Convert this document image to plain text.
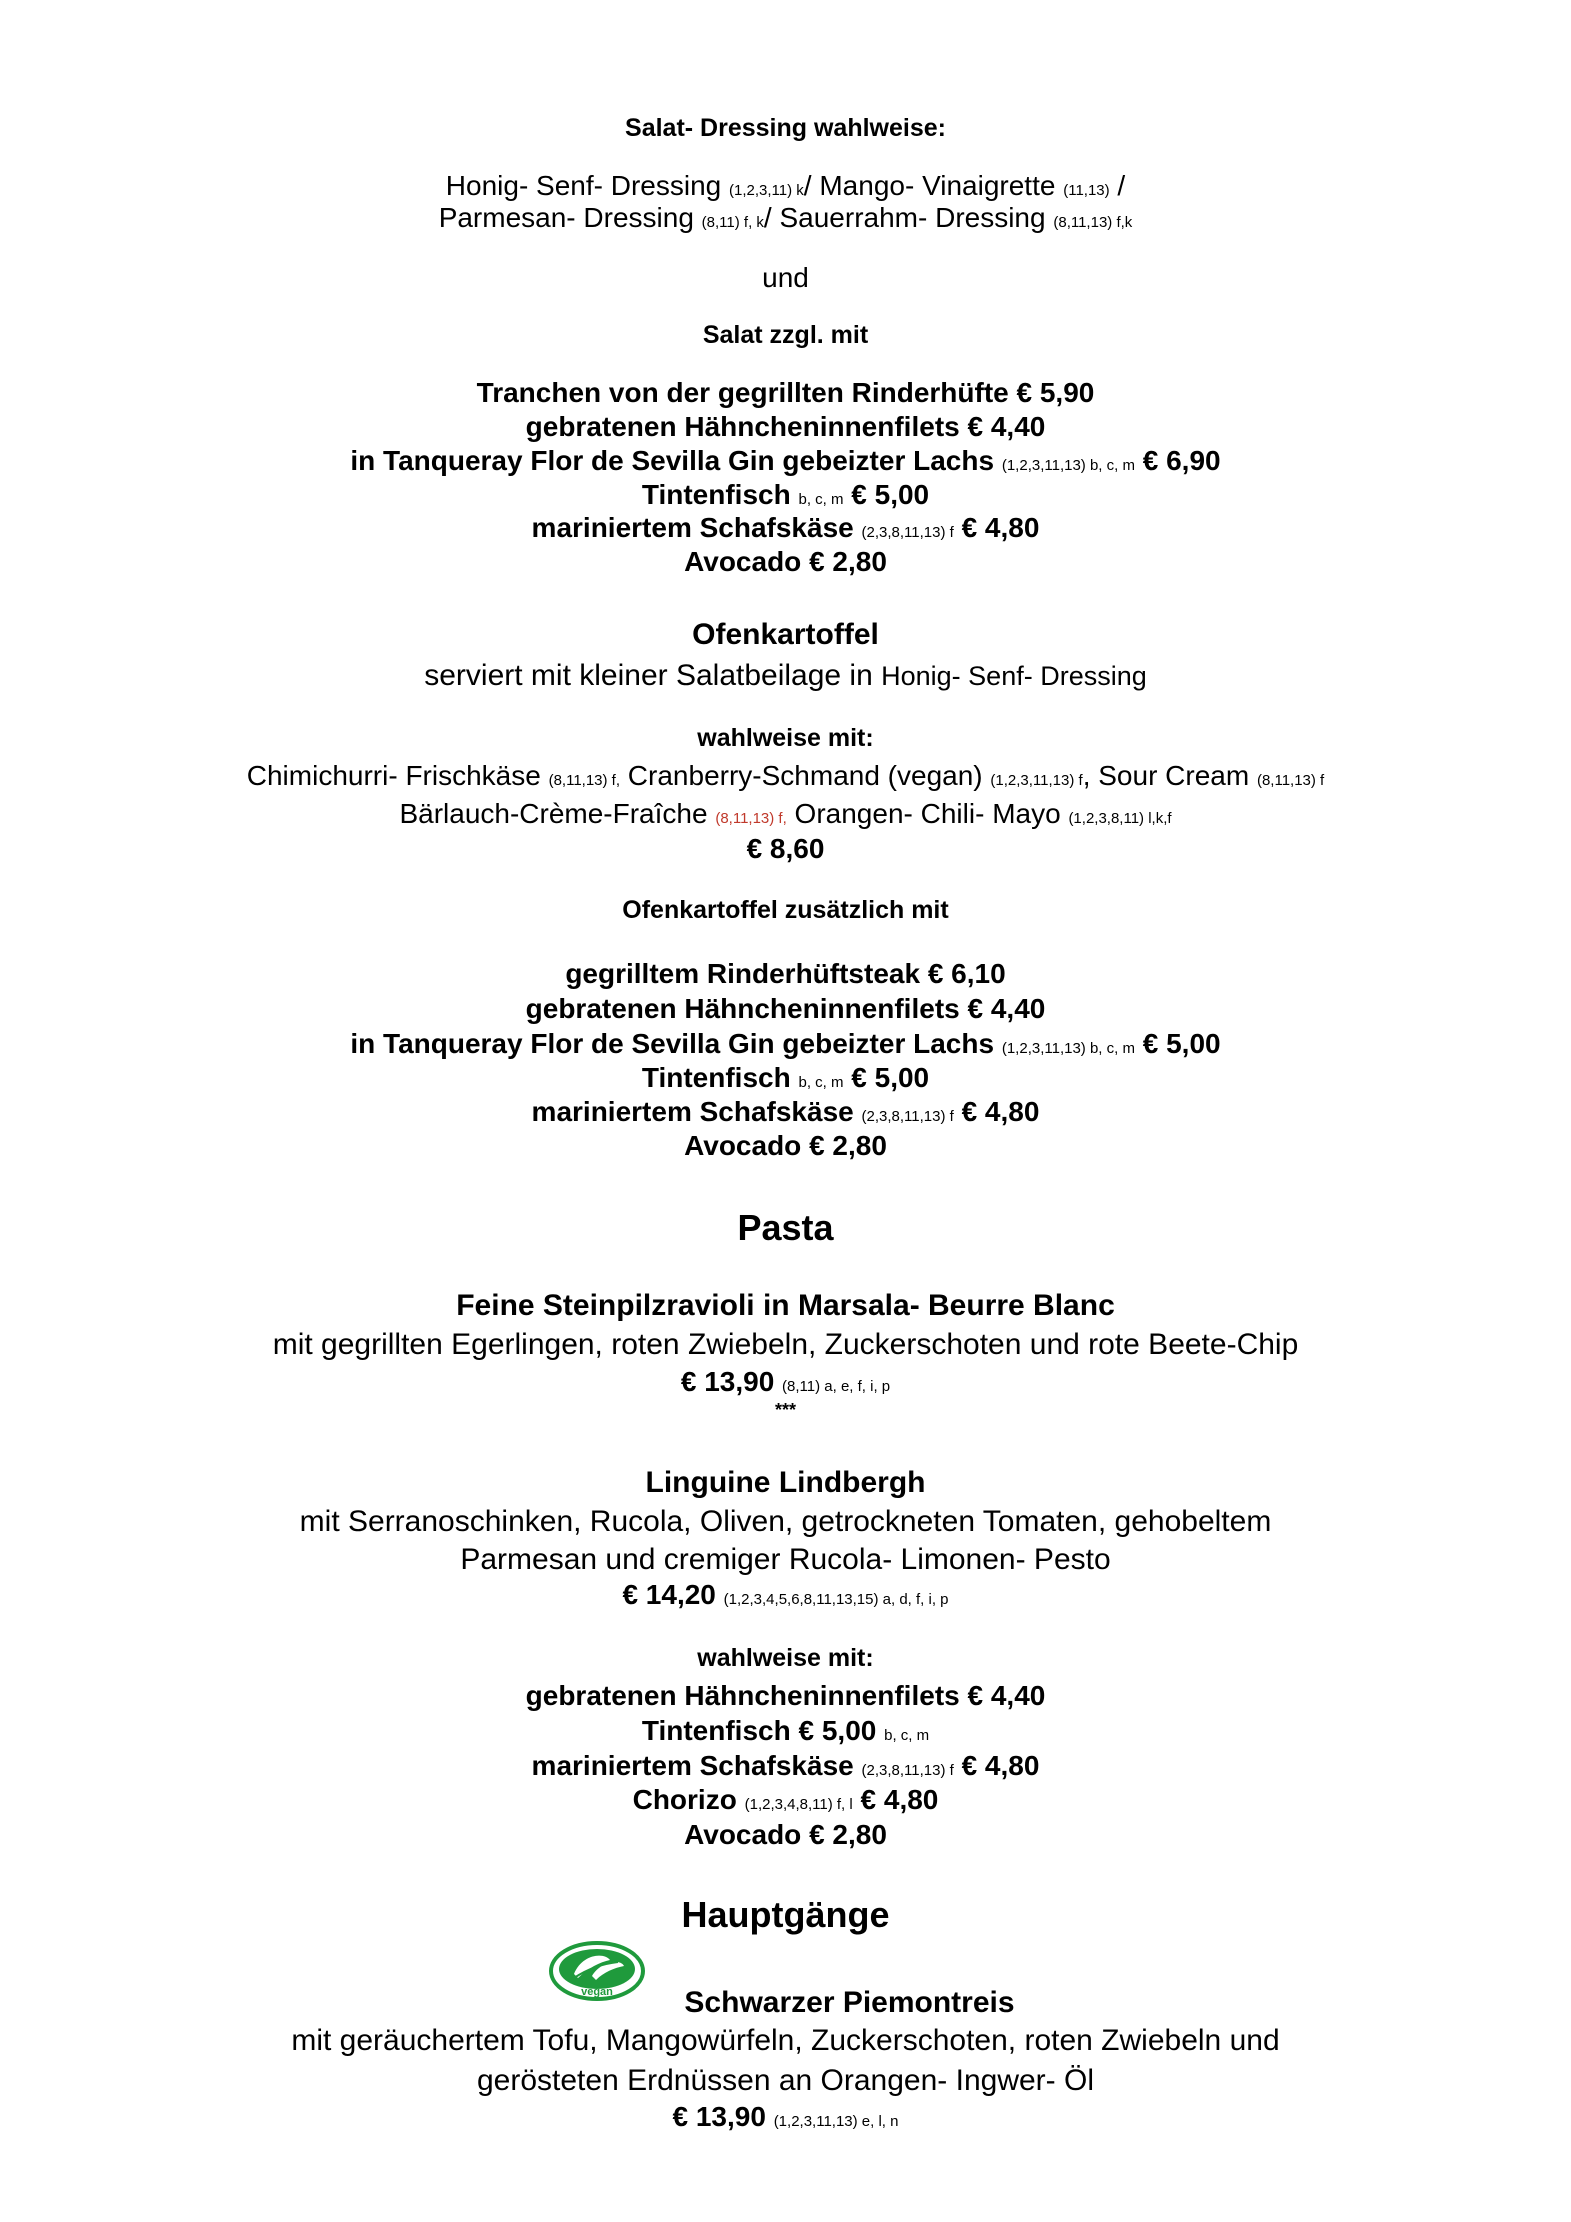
Salat- Dressing wahlweise:
Honig- Senf- Dressing (1,2,3,11) k/ Mango- Vinaigrette (11,13) /
Parmesan- Dressing (8,11) f, k/ Sauerrahm- Dressing (8,11,13) f,k
und
Salat zzgl. mit
Tranchen von der gegrillten Rinderhüfte € 5,90
gebratenen Hähncheninnenfilets € 4,40
in Tanqueray Flor de Sevilla Gin gebeizter Lachs (1,2,3,11,13) b, c, m € 6,90
Tintenfisch b, c, m € 5,00
mariniertem Schafskäse (2,3,8,11,13) f € 4,80
Avocado € 2,80
Ofenkartoffel
serviert mit kleiner Salatbeilage in Honig- Senf- Dressing
wahlweise mit:
Chimichurri- Frischkäse (8,11,13) f, Cranberry-Schmand (vegan) (1,2,3,11,13) f, Sour Cream (8,11,13) f
Bärlauch-Crème-Fraîche (8,11,13) f, Orangen- Chili- Mayo (1,2,3,8,11) l,k,f
€ 8,60
Ofenkartoffel zusätzlich mit
gegrilltem Rinderhüftsteak € 6,10
gebratenen Hähncheninnenfilets € 4,40
in Tanqueray Flor de Sevilla Gin gebeizter Lachs (1,2,3,11,13) b, c, m € 5,00
Tintenfisch b, c, m € 5,00
mariniertem Schafskäse (2,3,8,11,13) f € 4,80
Avocado € 2,80
Pasta
Feine Steinpilzravioli in Marsala- Beurre Blanc
mit gegrillten Egerlingen, roten Zwiebeln, Zuckerschoten und rote Beete-Chip
€ 13,90 (8,11) a, e, f, i, p
***
Linguine Lindbergh
mit Serranoschinken, Rucola, Oliven, getrockneten Tomaten, gehobeltem
Parmesan und cremiger Rucola- Limonen- Pesto
€ 14,20 (1,2,3,4,5,6,8,11,13,15) a, d, f, i, p
wahlweise mit:
gebratenen Hähncheninnenfilets € 4,40
Tintenfisch € 5,00 b, c, m
mariniertem Schafskäse (2,3,8,11,13) f € 4,80
Chorizo (1,2,3,4,8,11) f, l € 4,80
Avocado € 2,80
Hauptgänge
vegan	Schwarzer Piemontreis
mit geräuchertem Tofu, Mangowürfeln, Zuckerschoten, roten Zwiebeln und
gerösteten Erdnüssen an Orangen- Ingwer- Öl
€ 13,90 (1,2,3,11,13) e, l, n
